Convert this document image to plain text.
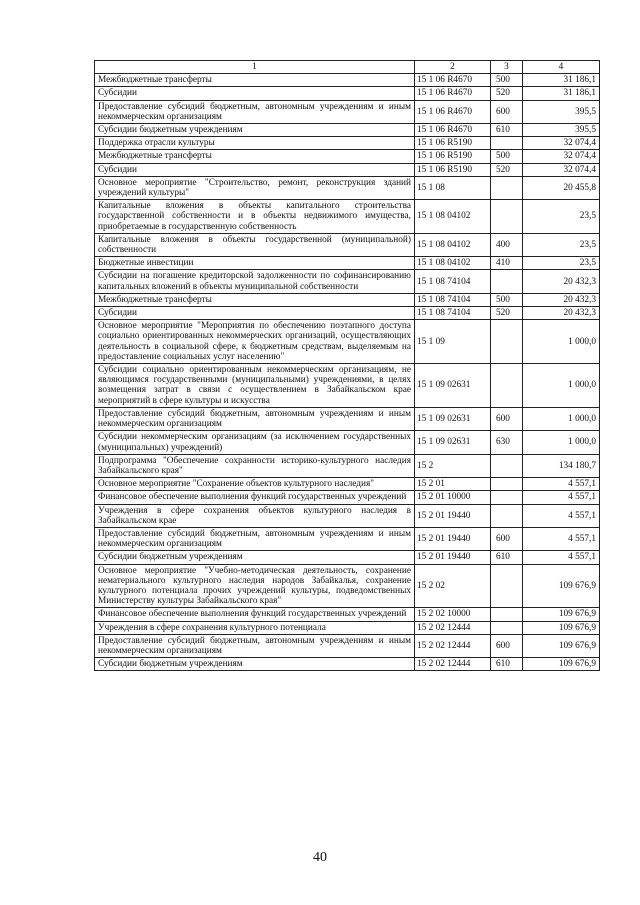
1	2	3	4
Межбюджетные трансферты	15 1 06 R4670	500	31 186,1
Субсидии	15 1 06 R4670	520	31 186,1
Предоставление субсидий бюджетным, автономным учреждениям и иным некоммерческим организациям	15 1 06 R4670	600	395,5
Субсидии бюджетным учреждениям	15 1 06 R4670	610	395,5
Поддержка отрасли культуры	15 1 06 R5190		32 074,4
Межбюджетные трансферты	15 1 06 R5190	500	32 074,4
Субсидии	15 1 06 R5190	520	32 074,4
Основное мероприятие "Строительство, ремонт, реконструкция зданий учреждений культуры"	15 1 08		20 455,8
Капитальные вложения в объекты капитального строительства государственной собственности и в объекты недвижимого имущества, приобретаемые в государственную собственность	15 1 08 04102		23,5
Капитальные вложения в объекты государственной (муниципальной) собственности	15 1 08 04102	400	23,5
Бюджетные инвестиции	15 1 08 04102	410	23,5
Субсидии на погашение кредиторской задолженности по софинансированию капитальных вложений в объекты муниципальной собственности	15 1 08 74104		20 432,3
Межбюджетные трансферты	15 1 08 74104	500	20 432,3
Субсидии	15 1 08 74104	520	20 432,3
Основное мероприятие "Мероприятия по обеспечению поэтапного доступа социально ориентированных некоммерческих организаций, осуществляющих деятельность в социальной сфере, к бюджетным средствам, выделяемым на предоставление социальных услуг населению"	15 1 09		1 000,0
Субсидии социально ориентированным некоммерческим организациям, не являющимся государственными (муниципальными) учреждениями, в целях возмещения затрат в связи с осуществлением в Забайкальском крае мероприятий в сфере культуры и искусства	15 1 09 02631		1 000,0
Предоставление субсидий бюджетным, автономным учреждениям и иным некоммерческим организациям	15 1 09 02631	600	1 000,0
Субсидии некоммерческим организациям (за исключением государственных (муниципальных) учреждений)	15 1 09 02631	630	1 000,0
Подпрограмма "Обеспечение сохранности историко-культурного наследия Забайкальского края"	15 2		134 180,7
Основное мероприятие "Сохранение объектов культурного наследия"	15 2 01		4 557,1
Финансовое обеспечение выполнения функций государственных учреждений	15 2 01 10000		4 557,1
Учреждения в сфере сохранения объектов культурного наследия в Забайкальском крае	15 2 01 19440		4 557,1
Предоставление субсидий бюджетным, автономным учреждениям и иным некоммерческим организациям	15 2 01 19440	600	4 557,1
Субсидии бюджетным учреждениям	15 2 01 19440	610	4 557,1
Основное мероприятие "Учебно-методическая деятельность, сохранение нематериального культурного наследия народов Забайкалья, сохранение культурного потенциала прочих учреждений культуры, подведомственных Министерству культуры Забайкальского края"	15 2 02		109 676,9
Финансовое обеспечение выполнения функций государственных учреждений	15 2 02 10000		109 676,9
Учреждения в сфере сохранения культурного потенциала	15 2 02 12444		109 676,9
Предоставление субсидий бюджетным, автономным учреждениям и иным некоммерческим организациям	15 2 02 12444	600	109 676,9
Субсидии бюджетным учреждениям	15 2 02 12444	610	109 676,9
40
